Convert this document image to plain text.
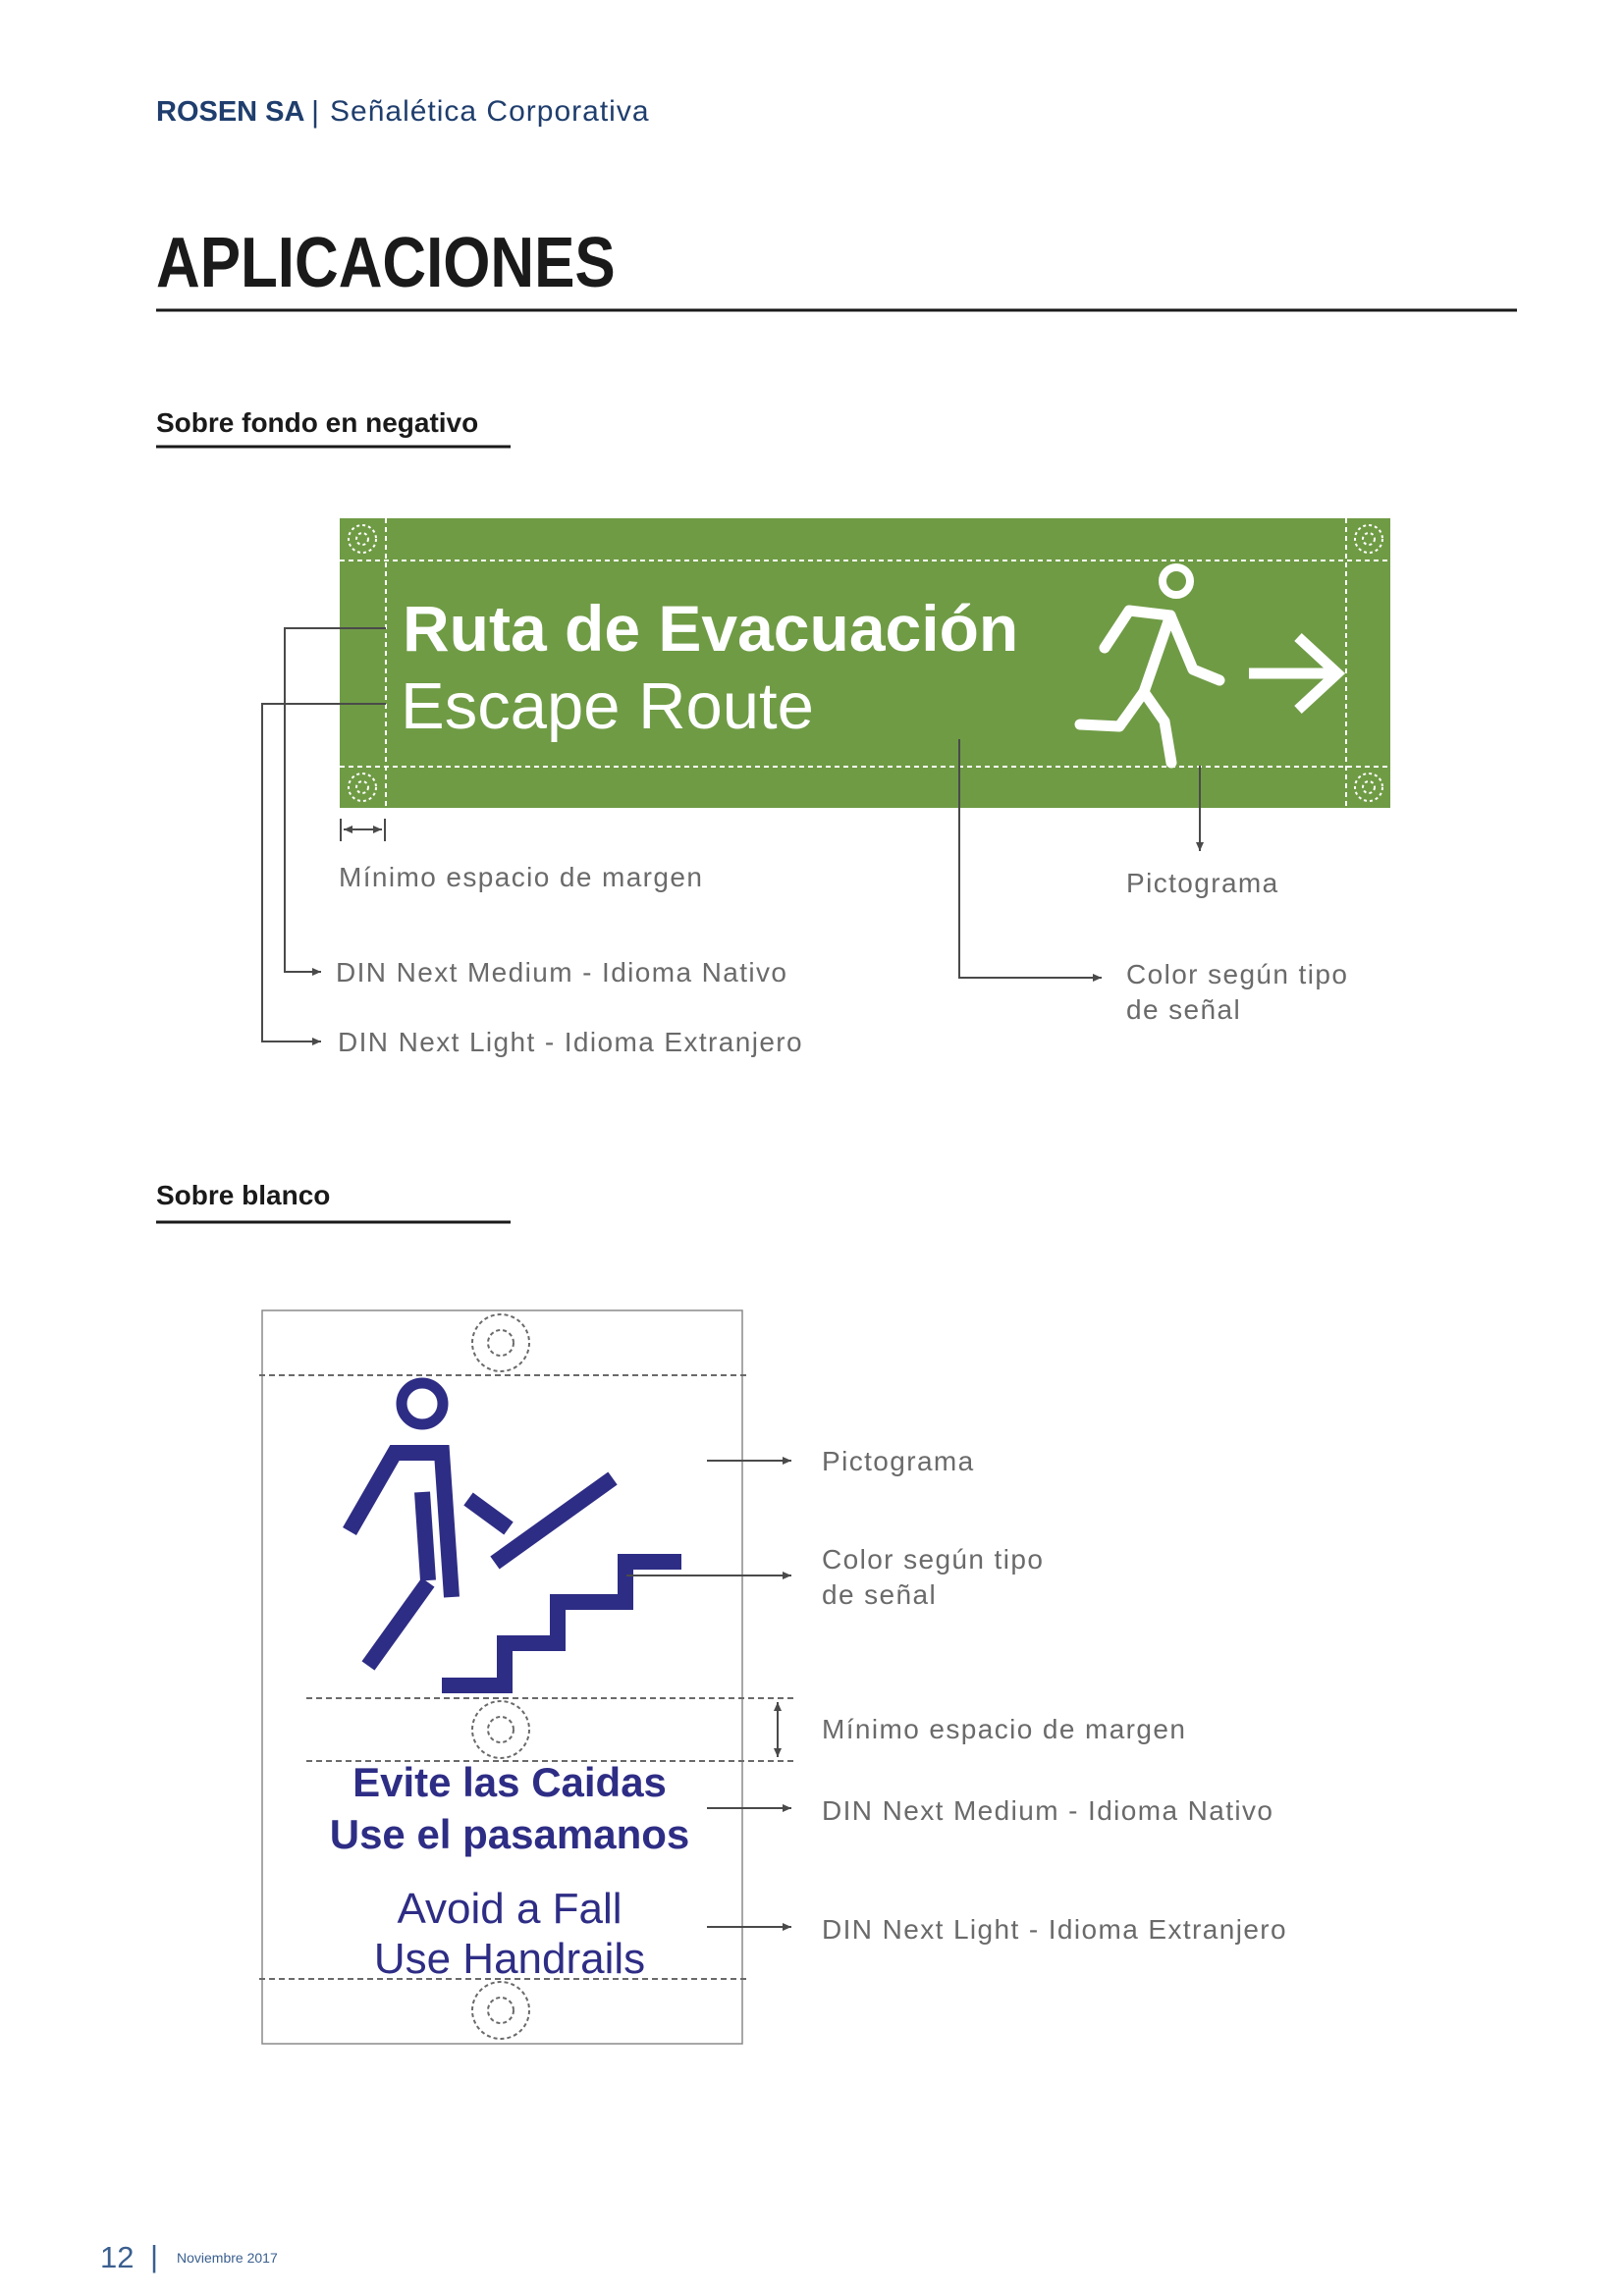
ROSEN SA | Señalética Corporativa
APLICACIONES
Sobre fondo en negativo
Ruta de Evacuación
Escape Route
Mínimo espacio de margen
DIN Next Medium - Idioma Nativo
DIN Next Light - Idioma Extranjero
Pictograma
Color según tipo
de señal
Sobre blanco
Evite las Caidas
Use el pasamanos
Avoid a Fall
Use Handrails
Pictograma
Color según tipo
de señal
Mínimo espacio de margen
DIN Next Medium - Idioma Nativo
DIN Next Light - Idioma Extranjero
12 | Noviembre 2017
